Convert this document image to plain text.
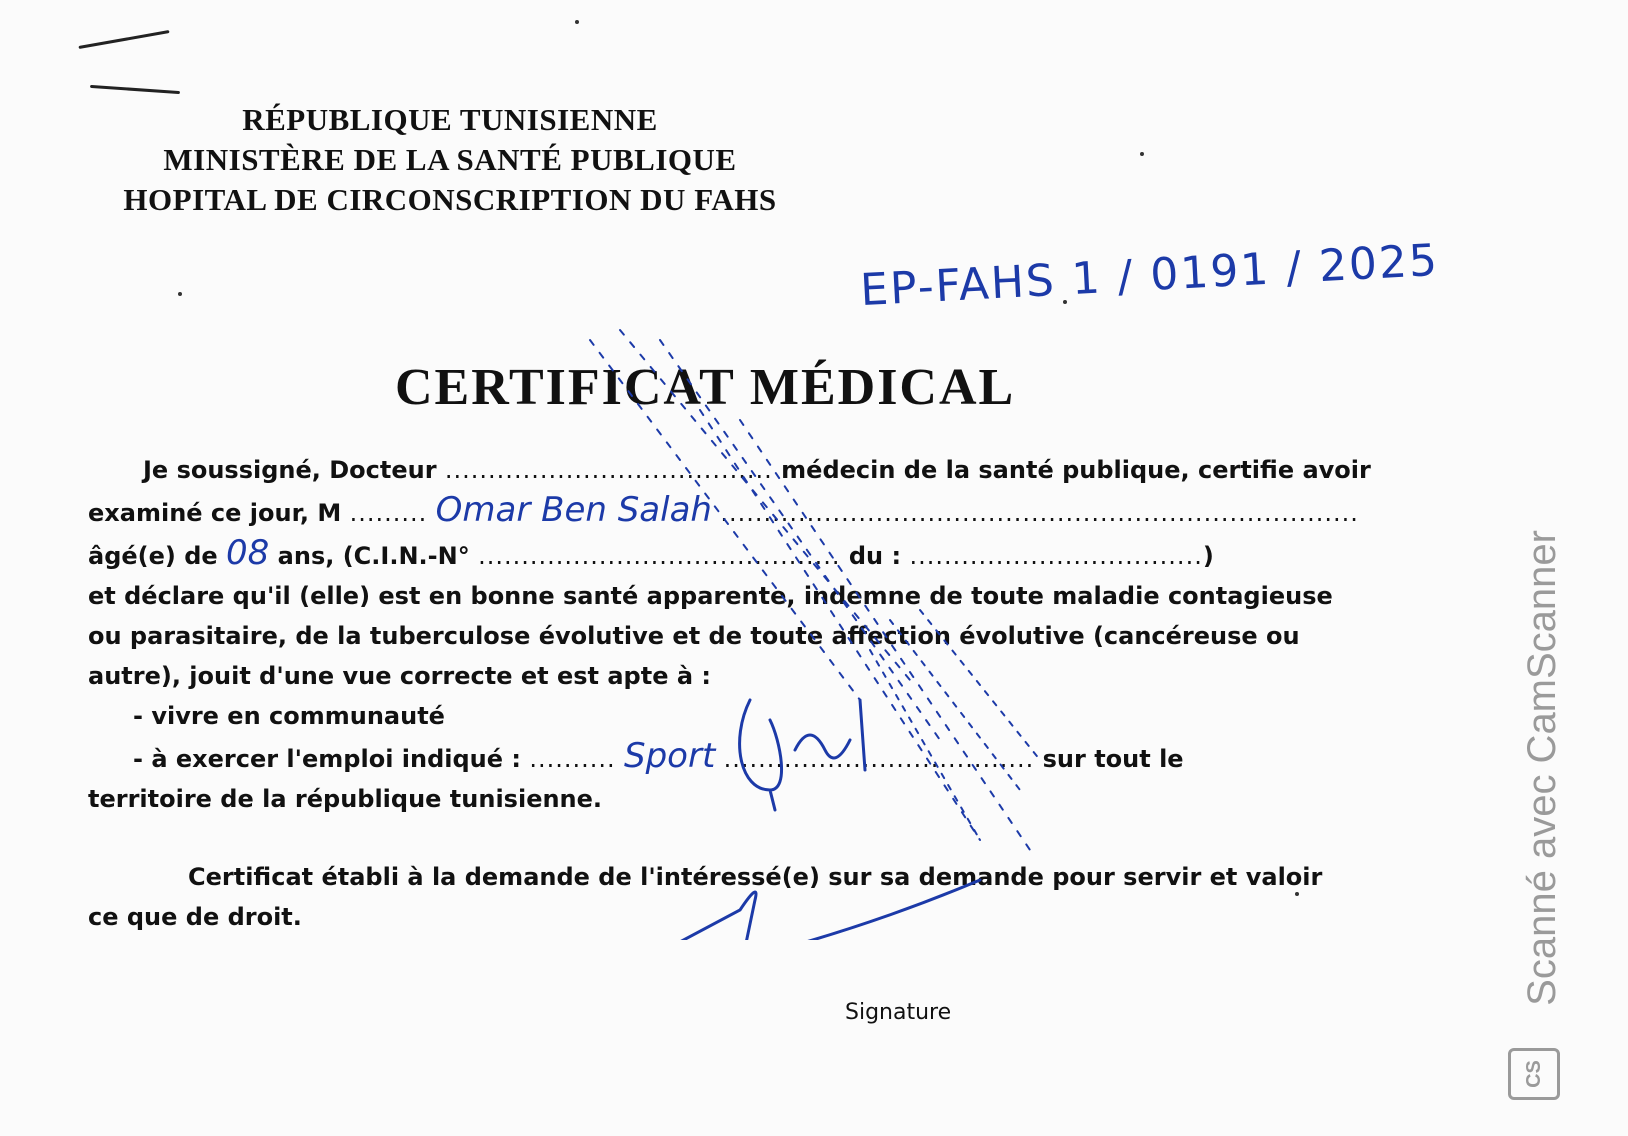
RÉPUBLIQUE TUNISIENNE
MINISTÈRE DE LA SANTÉ PUBLIQUE
HOPITAL DE CIRCONSCRIPTION DU FAHS
EP-FAHS 1 / 0191 / 2025
CERTIFICAT MÉDICAL
Je soussigné, Docteur ...................................... médecin de la santé publique, certifie avoir
examiné ce jour, M ......... Omar Ben Salah ..........................................................................
âgé(e) de 08 ans, (C.I.N.-N° .......................................... du : ..................................)
et déclare qu'il (elle) est en bonne santé apparente, indemne de toute maladie contagieuse
ou parasitaire, de la tuberculose évolutive et de toute affection évolutive (cancéreuse ou
autre), jouit d'une vue correcte et est apte à :
- vivre en communauté
- à exercer l'emploi indiqué : .......... Sport .................................... sur tout le
territoire de la république tunisienne.
Certificat établi à la demande de l'intéressé(e) sur sa demande pour servir et valoir
ce que de droit.
Signature
Scanné avec CamScanner
CS
